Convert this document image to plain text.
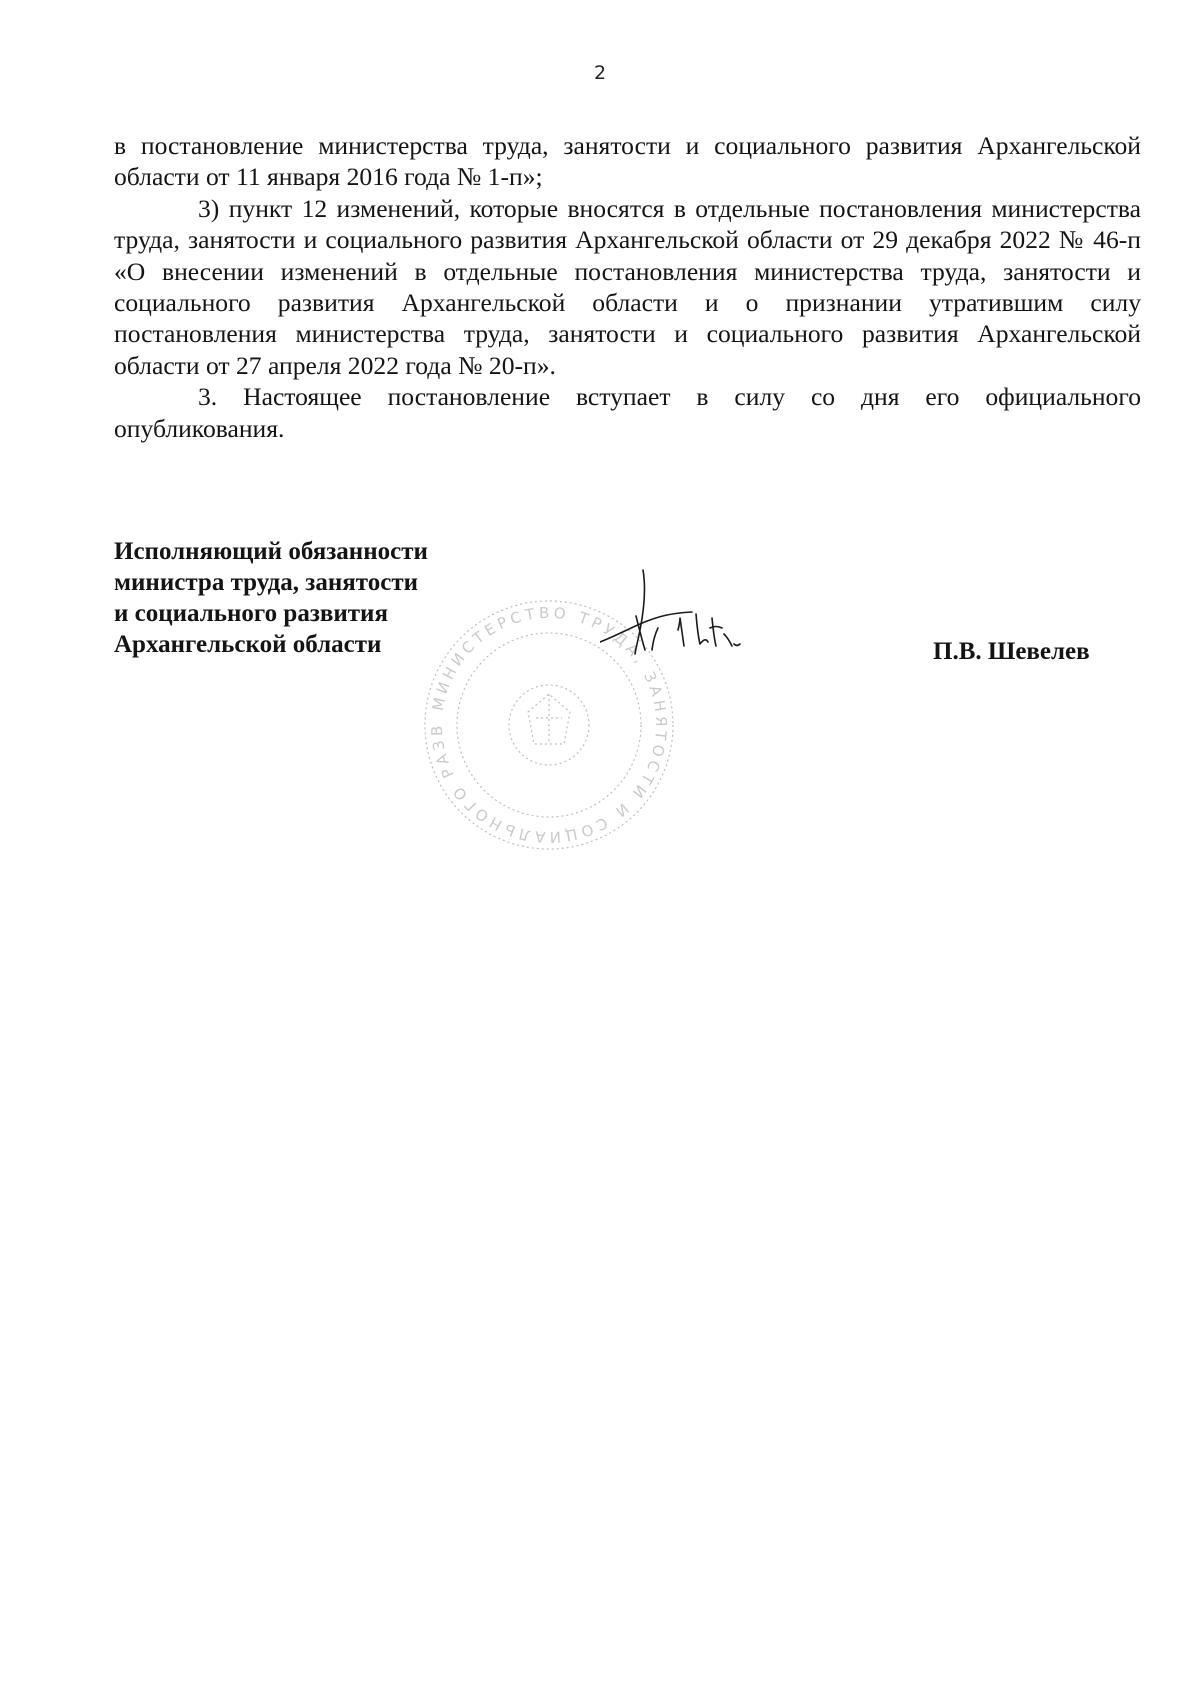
2

в постановление министерства труда, занятости и социального развития Архангельской области от 11 января 2016 года № 1-п»;

3) пункт 12 изменений, которые вносятся в отдельные постановления министерства труда, занятости и социального развития Архангельской области от 29 декабря 2022 № 46-п «О внесении изменений в отдельные постановления министерства труда, занятости и социального развития Архангельской области и о признании утратившим силу постановления министерства труда, занятости и социального развития Архангельской области от 27 апреля 2022 года № 20-п».

3. Настоящее постановление вступает в силу со дня его официального опубликования.

Исполняющий обязанности
министра труда, занятости
и социального развития
Архангельской области
МИНИСТЕРСТВО ТРУДА, ЗАНЯТОСТИ И СОЦИАЛЬНОГО РАЗВ
П.В. Шевелев
